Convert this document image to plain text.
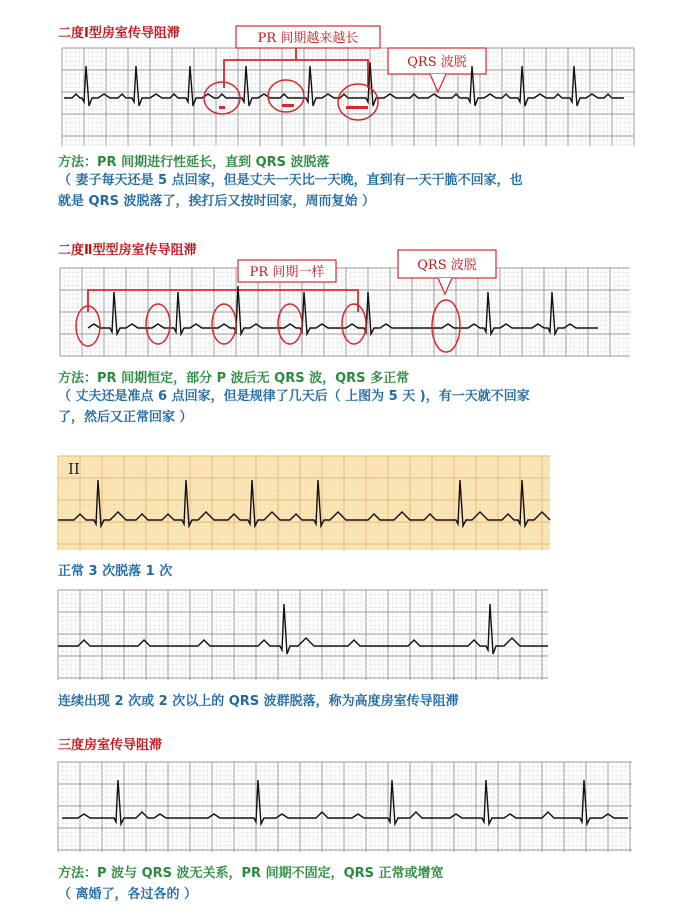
二度Ⅰ型房室传导阻滞	PR 间期越来越长
QRS 波脱
方法：PR 间期进行性延长，直到 QRS 波脱落
（ 妻子每天还是 5 点回家，但是丈夫一天比一天晚，直到有一天干脆不回家，也
就是 QRS 波脱落了，挨打后又按时回家，周而复始 ）
二度Ⅱ型型房室传导阻滞
PR 间期一样	QRS 波脱
方法：PR 间期恒定，部分 P 波后无 QRS 波，QRS 多正常
（ 丈夫还是准点 6 点回家，但是规律了几天后（ 上图为 5 天 )，有一天就不回家
了，然后又正常回家 ）
II
正常 3 次脱落 1 次
连续出现 2 次或 2 次以上的 QRS 波群脱落，称为高度房室传导阻滞
三度房室传导阻滞
方法：P 波与 QRS 波无关系，PR 间期不固定，QRS 正常或增宽
（ 离婚了，各过各的 ）
